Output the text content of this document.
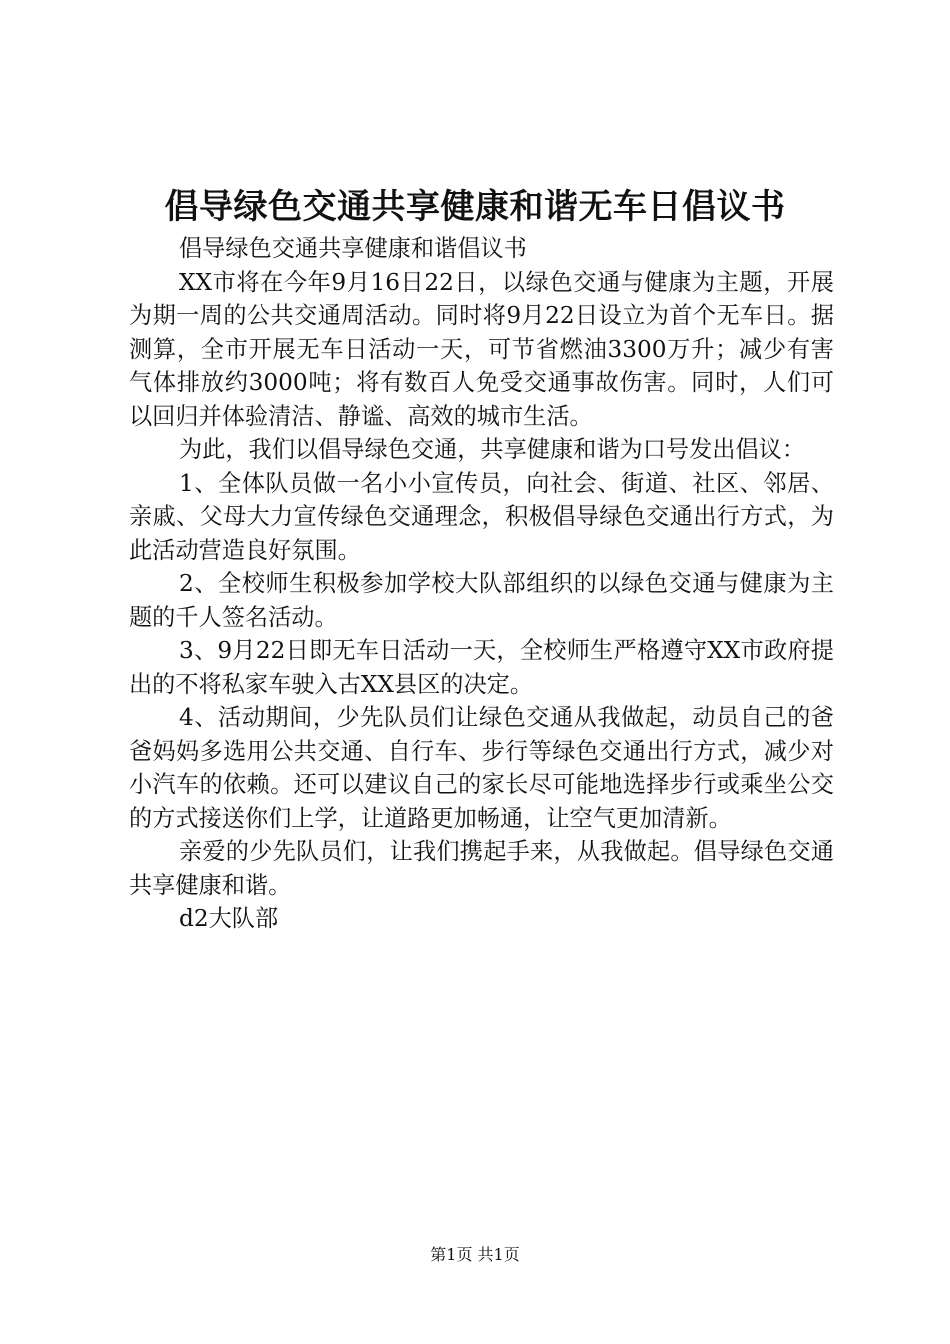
倡导绿色交通共享健康和谐无车日倡议书

倡导绿色交通共享健康和谐倡议书

XX市将在今年9月16日22日，以绿色交通与健康为主题，开展为期一周的公共交通周活动。同时将9月22日设立为首个无车日。据测算，全市开展无车日活动一天，可节省燃油3300万升；减少有害气体排放约3000吨；将有数百人免受交通事故伤害。同时，人们可以回归并体验清洁、静谧、高效的城市生活。

为此，我们以倡导绿色交通，共享健康和谐为口号发出倡议：

1、全体队员做一名小小宣传员，向社会、街道、社区、邻居、亲戚、父母大力宣传绿色交通理念，积极倡导绿色交通出行方式，为此活动营造良好氛围。

2、全校师生积极参加学校大队部组织的以绿色交通与健康为主题的千人签名活动。

3、9月22日即无车日活动一天，全校师生严格遵守XX市政府提出的不将私家车驶入古XX县区的决定。

4、活动期间，少先队员们让绿色交通从我做起，动员自己的爸爸妈妈多选用公共交通、自行车、步行等绿色交通出行方式，减少对小汽车的依赖。还可以建议自己的家长尽可能地选择步行或乘坐公交的方式接送你们上学，让道路更加畅通，让空气更加清新。

亲爱的少先队员们，让我们携起手来，从我做起。倡导绿色交通共享健康和谐。

d2大队部

第1页 共1页
